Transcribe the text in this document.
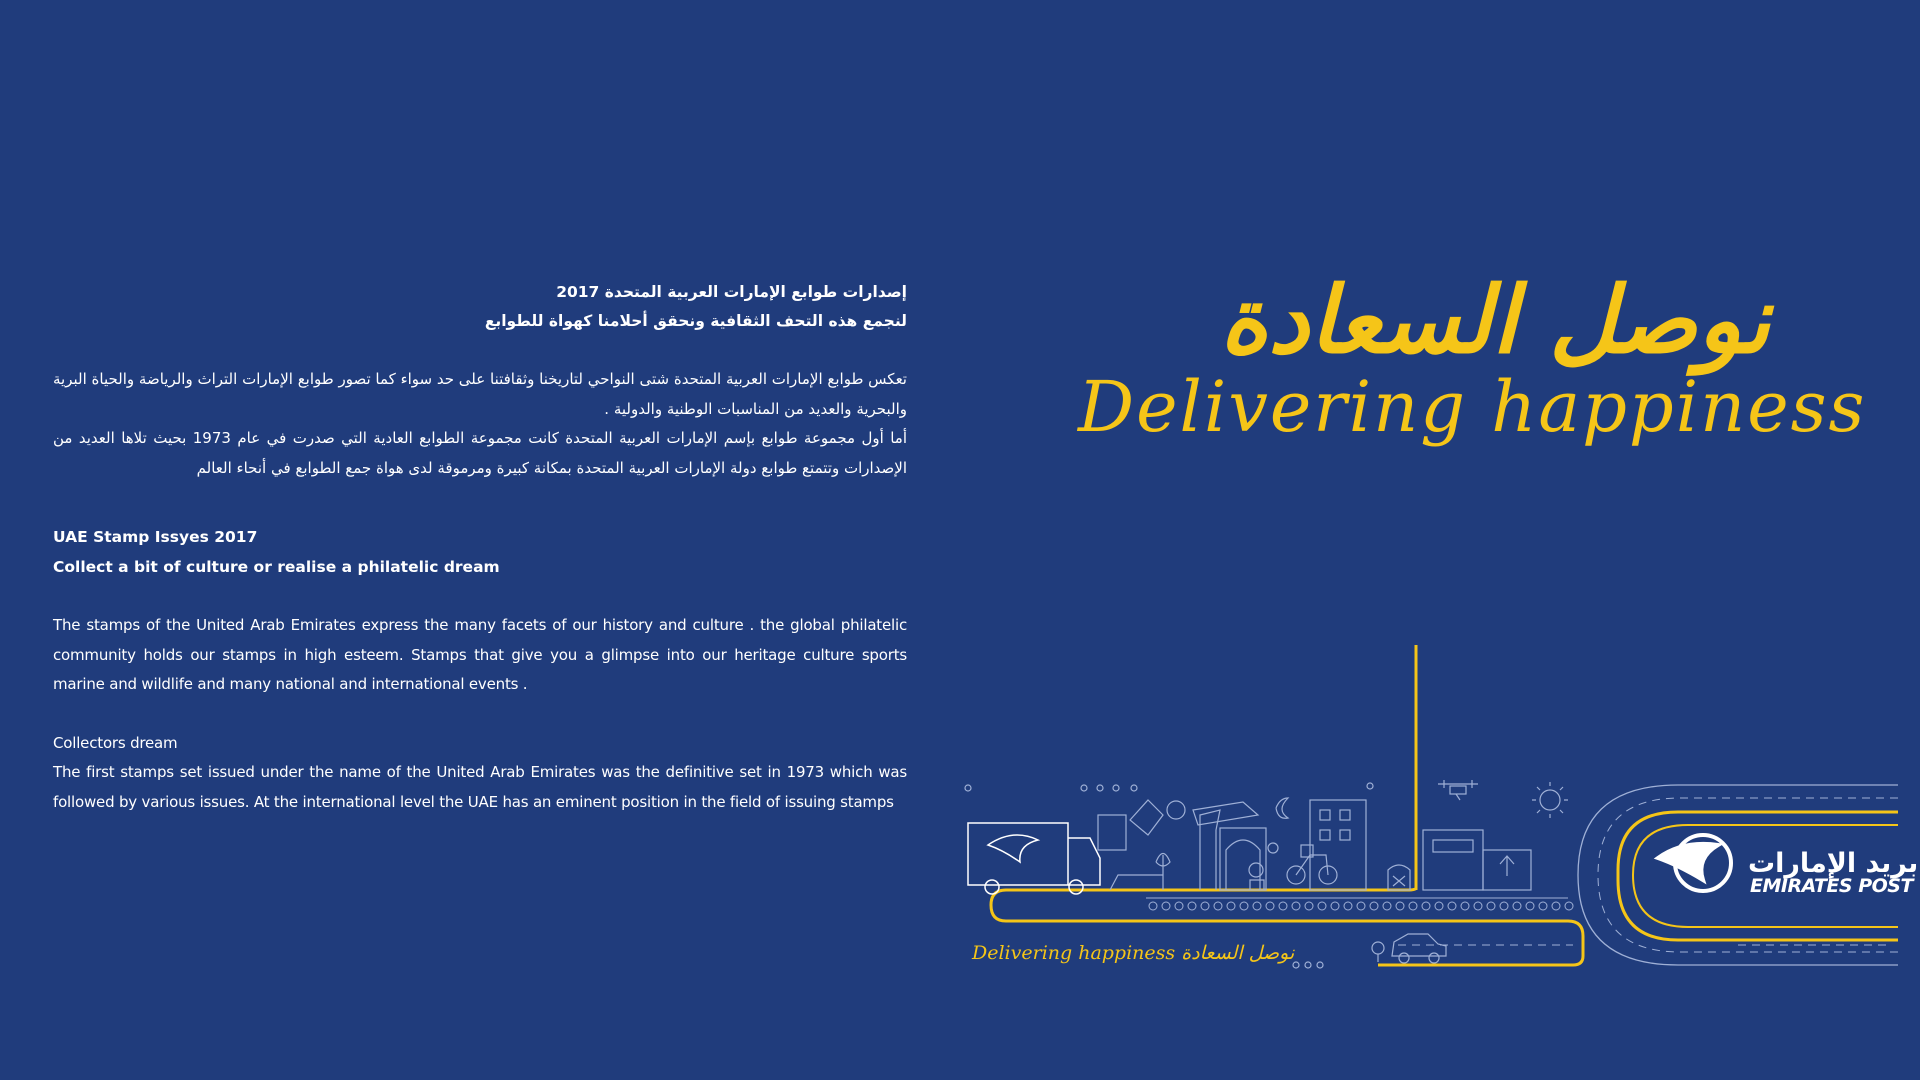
إصدارات طوابع الإمارات العربية المتحدة 2017
لنجمع هذه التحف الثقافية ونحقق أحلامنا كهواة للطوابع
تعكس طوابع الإمارات العربية المتحدة شتى النواحي لتاريخنا وثقافتنا على حد سواء كما تصور طوابع الإمارات التراث والرياضة والحياة البرية والبحرية والعديد من المناسبات الوطنية والدولية .
أما أول مجموعة طوابع بإسم الإمارات العربية المتحدة كانت مجموعة الطوابع العادية التي صدرت في عام 1973 بحيث تلاها العديد من الإصدارات وتتمتع طوابع دولة الإمارات العربية المتحدة بمكانة كبيرة ومرموقة لدى هواة جمع الطوابع في أنحاء العالم
UAE Stamp Issyes 2017
Collect a bit of culture or realise a philatelic dream
The stamps of the United Arab Emirates express the many facets of our history and culture . the global philatelic community holds our stamps in high esteem. Stamps that give you a glimpse into our heritage culture sports marine and wildlife and many national and international events .
Collectors dream
The first stamps set issued under the name of the United Arab Emirates was the definitive set in 1973 which was followed by various issues. At the international level the UAE has an eminent position in the field of issuing stamps
نوصل السعادة
Delivering happiness
Delivering happiness نوصل السعادة
بريد الإمارات
EMIRATES POST
